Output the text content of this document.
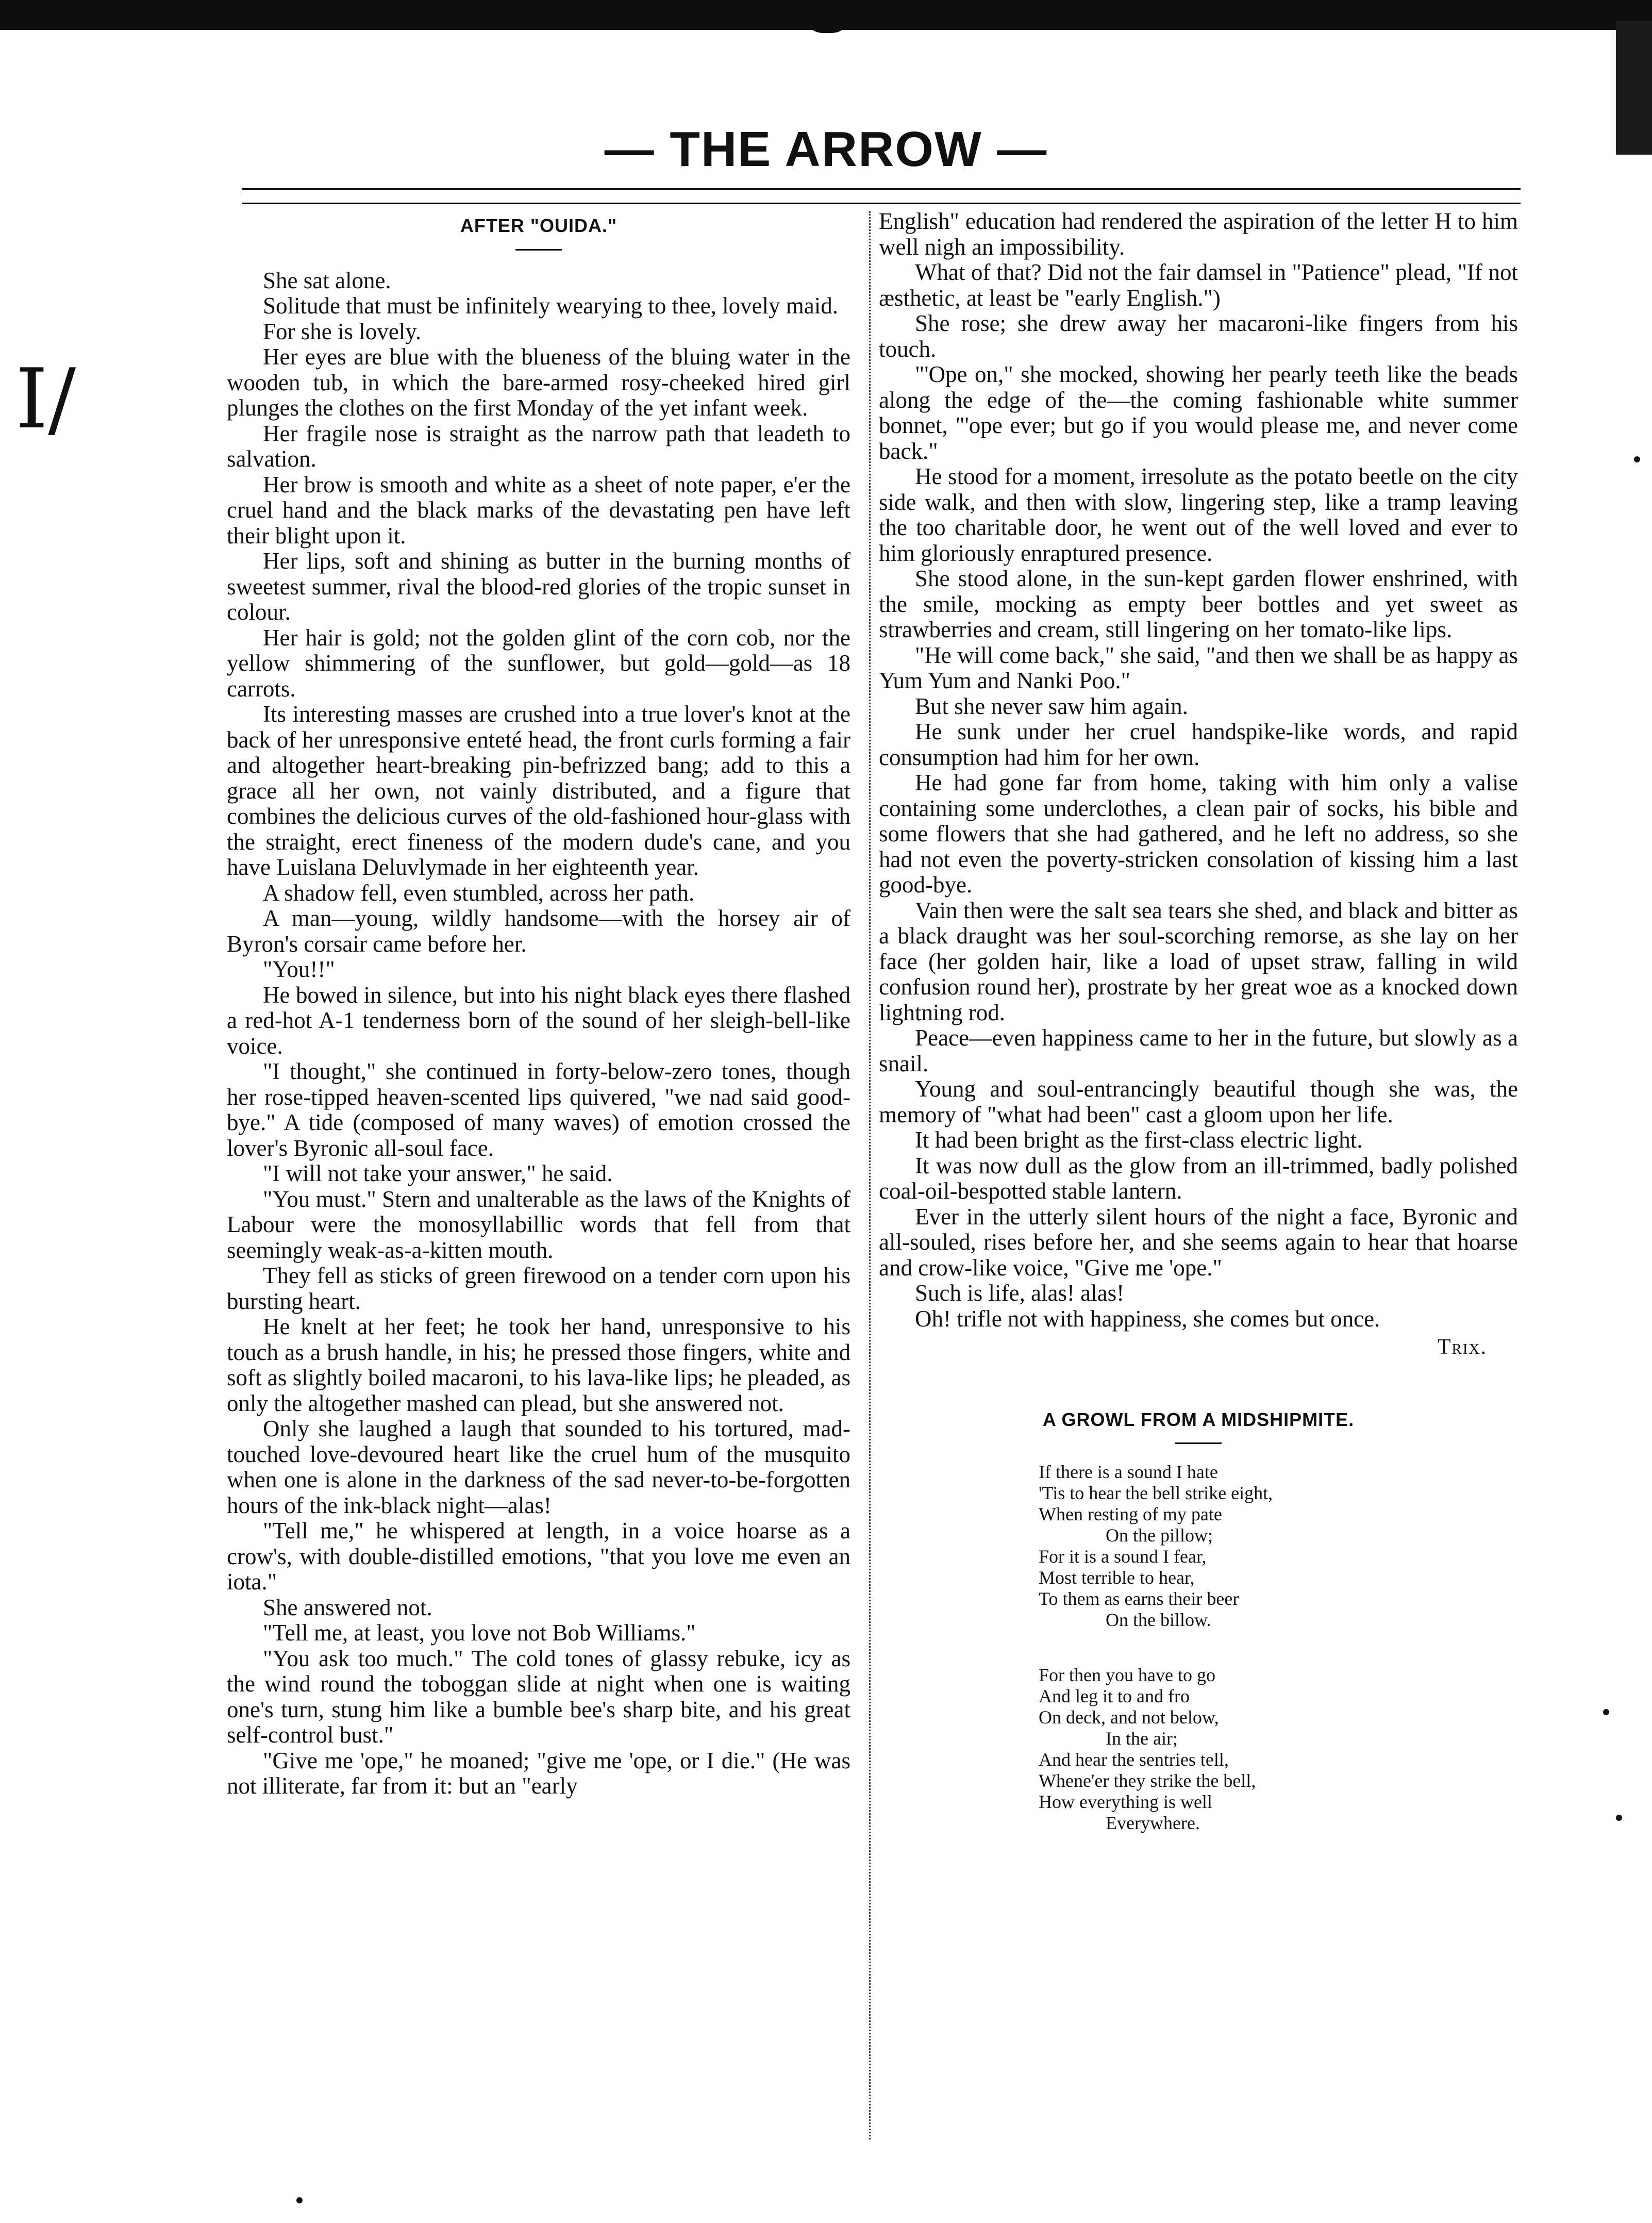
I/
— THE ARROW —
AFTER "OUIDA."

She sat alone.

Solitude that must be infinitely wearying to thee, lovely maid.

For she is lovely.

Her eyes are blue with the blueness of the bluing water in the wooden tub, in which the bare-armed rosy-cheeked hired girl plunges the clothes on the first Monday of the yet infant week.

Her fragile nose is straight as the narrow path that leadeth to salvation.

Her brow is smooth and white as a sheet of note paper, e'er the cruel hand and the black marks of the devastating pen have left their blight upon it.

Her lips, soft and shining as butter in the burning months of sweetest summer, rival the blood-red glories of the tropic sunset in colour.

Her hair is gold; not the golden glint of the corn cob, nor the yellow shimmering of the sunflower, but gold—gold—as 18 carrots.

Its interesting masses are crushed into a true lover's knot at the back of her unresponsive enteté head, the front curls forming a fair and altogether heart-breaking pin-befrizzed bang; add to this a grace all her own, not vainly distributed, and a figure that combines the delicious curves of the old-fashioned hour-glass with the straight, erect fineness of the modern dude's cane, and you have Luislana Deluvlymade in her eighteenth year.

A shadow fell, even stumbled, across her path.

A man—young, wildly handsome—with the horsey air of Byron's corsair came before her.

"You!!"

He bowed in silence, but into his night black eyes there flashed a red-hot A-1 tenderness born of the sound of her sleigh-bell-like voice.

"I thought," she continued in forty-below-zero tones, though her rose-tipped heaven-scented lips quivered, "we nad said good-bye." A tide (composed of many waves) of emotion crossed the lover's Byronic all-soul face.

"I will not take your answer," he said.

"You must." Stern and unalterable as the laws of the Knights of Labour were the monosyllabillic words that fell from that seemingly weak-as-a-kitten mouth.

They fell as sticks of green firewood on a tender corn upon his bursting heart.

He knelt at her feet; he took her hand, unresponsive to his touch as a brush handle, in his; he pressed those fingers, white and soft as slightly boiled macaroni, to his lava-like lips; he pleaded, as only the altogether mashed can plead, but she answered not.

Only she laughed a laugh that sounded to his tortured, mad-touched love-devoured heart like the cruel hum of the musquito when one is alone in the darkness of the sad never-to-be-forgotten hours of the ink-black night—alas!

"Tell me," he whispered at length, in a voice hoarse as a crow's, with double-distilled emotions, "that you love me even an iota."

She answered not.

"Tell me, at least, you love not Bob Williams."

"You ask too much." The cold tones of glassy rebuke, icy as the wind round the toboggan slide at night when one is waiting one's turn, stung him like a bumble bee's sharp bite, and his great self-control bust."

"Give me 'ope," he moaned; "give me 'ope, or I die." (He was not illiterate, far from it: but an "early

English" education had rendered the aspiration of the letter H to him well nigh an impossibility.

What of that? Did not the fair damsel in "Patience" plead, "If not æsthetic, at least be "early English.")

She rose; she drew away her macaroni-like fingers from his touch.

"'Ope on," she mocked, showing her pearly teeth like the beads along the edge of the—the coming fashionable white summer bonnet, "'ope ever; but go if you would please me, and never come back."

He stood for a moment, irresolute as the potato beetle on the city side walk, and then with slow, lingering step, like a tramp leaving the too charitable door, he went out of the well loved and ever to him gloriously enraptured presence.

She stood alone, in the sun-kept garden flower enshrined, with the smile, mocking as empty beer bottles and yet sweet as strawberries and cream, still lingering on her tomato-like lips.

"He will come back," she said, "and then we shall be as happy as Yum Yum and Nanki Poo."

But she never saw him again.

He sunk under her cruel handspike-like words, and rapid consumption had him for her own.

He had gone far from home, taking with him only a valise containing some underclothes, a clean pair of socks, his bible and some flowers that she had gathered, and he left no address, so she had not even the poverty-stricken consolation of kissing him a last good-bye.

Vain then were the salt sea tears she shed, and black and bitter as a black draught was her soul-scorching remorse, as she lay on her face (her golden hair, like a load of upset straw, falling in wild confusion round her), prostrate by her great woe as a knocked down lightning rod.

Peace—even happiness came to her in the future, but slowly as a snail.

Young and soul-entrancingly beautiful though she was, the memory of "what had been" cast a gloom upon her life.

It had been bright as the first-class electric light.

It was now dull as the glow from an ill-trimmed, badly polished coal-oil-bespotted stable lantern.

Ever in the utterly silent hours of the night a face, Byronic and all-souled, rises before her, and she seems again to hear that hoarse and crow-like voice, "Give me 'ope."

Such is life, alas! alas!

Oh! trifle not with happiness, she comes but once.

Trix.
A GROWL FROM A MIDSHIPMITE.
If there is a sound I hate
'Tis to hear the bell strike eight,
When resting of my pate
On the pillow;
For it is a sound I fear,
Most terrible to hear,
To them as earns their beer
On the billow.
For then you have to go
And leg it to and fro
On deck, and not below,
In the air;
And hear the sentries tell,
Whene'er they strike the bell,
How everything is well
Everywhere.
